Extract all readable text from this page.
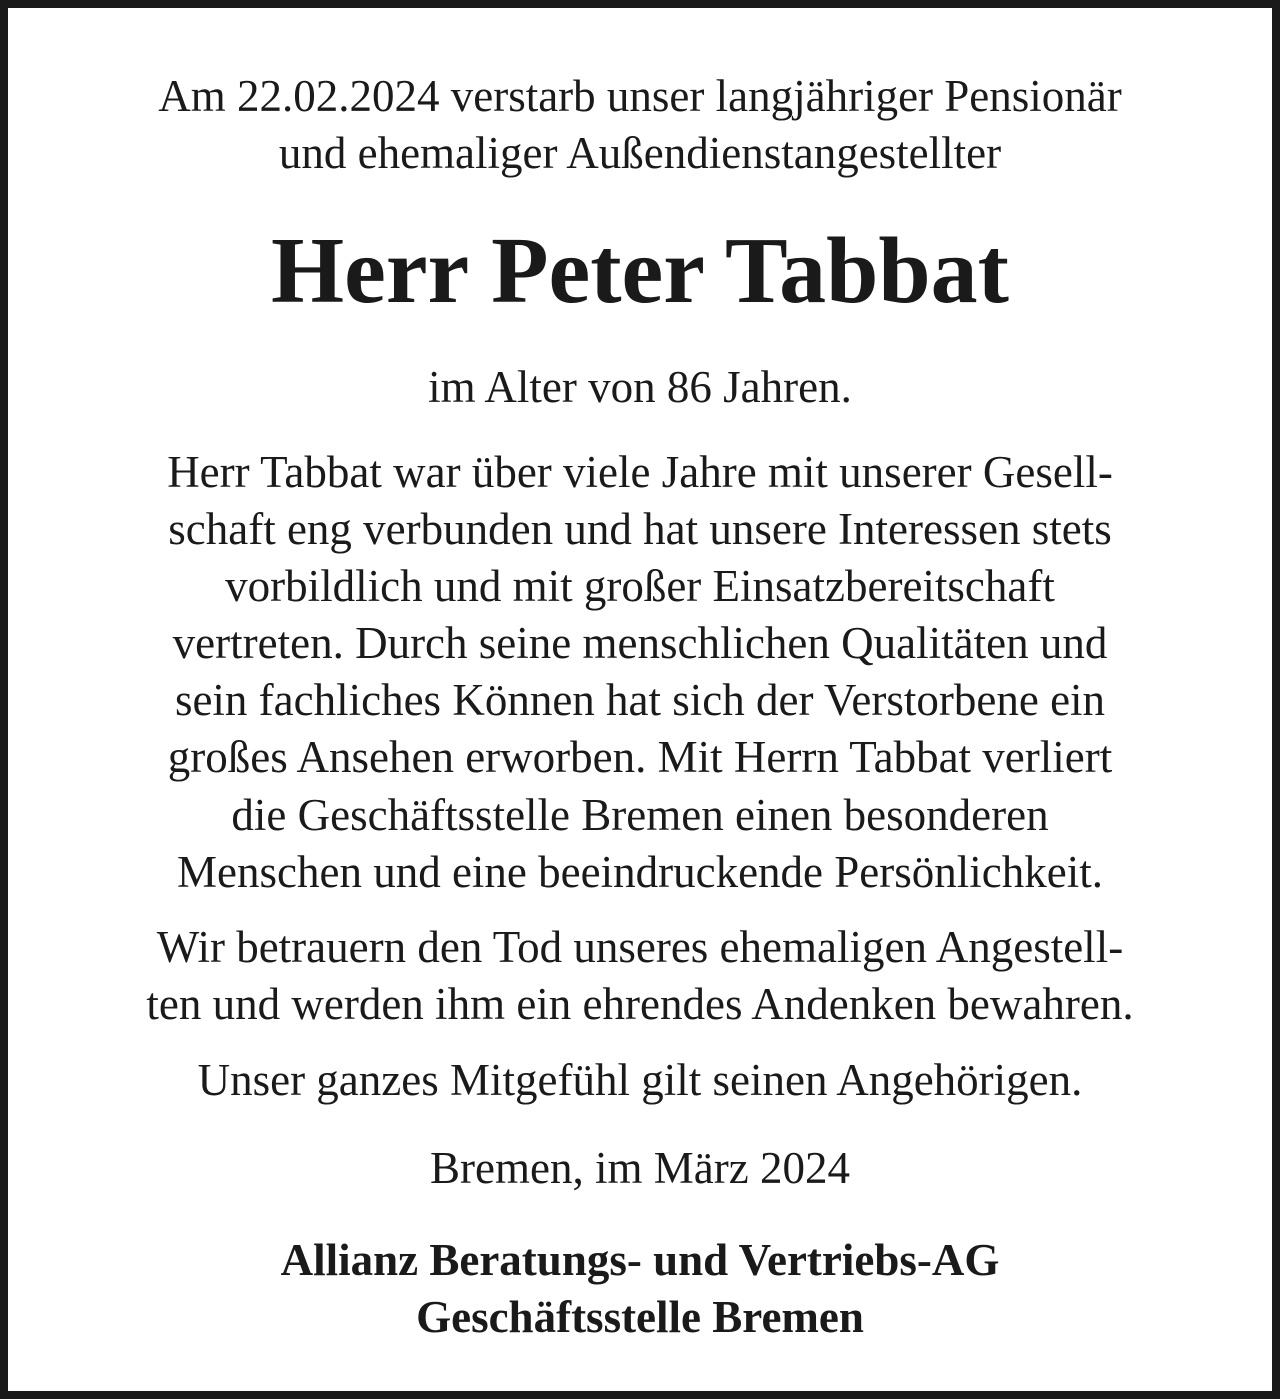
Am 22.02.2024 verstarb unser langjähriger Pensionär
und ehemaliger Außendienstangestellter
Herr Peter Tabbat
im Alter von 86 Jahren.
Herr Tabbat war über viele Jahre mit unserer Gesell-
schaft eng verbunden und hat unsere Interessen stets
vorbildlich und mit großer Einsatzbereitschaft
vertreten. Durch seine menschlichen Qualitäten und
sein fachliches Können hat sich der Verstorbene ein
großes Ansehen erworben. Mit Herrn Tabbat verliert
die Geschäftsstelle Bremen einen besonderen
Menschen und eine beeindruckende Persönlichkeit.
Wir betrauern den Tod unseres ehemaligen Angestell-
ten und werden ihm ein ehrendes Andenken bewahren.
Unser ganzes Mitgefühl gilt seinen Angehörigen.
Bremen, im März 2024
Allianz Beratungs- und Vertriebs-AG
Geschäftsstelle Bremen
